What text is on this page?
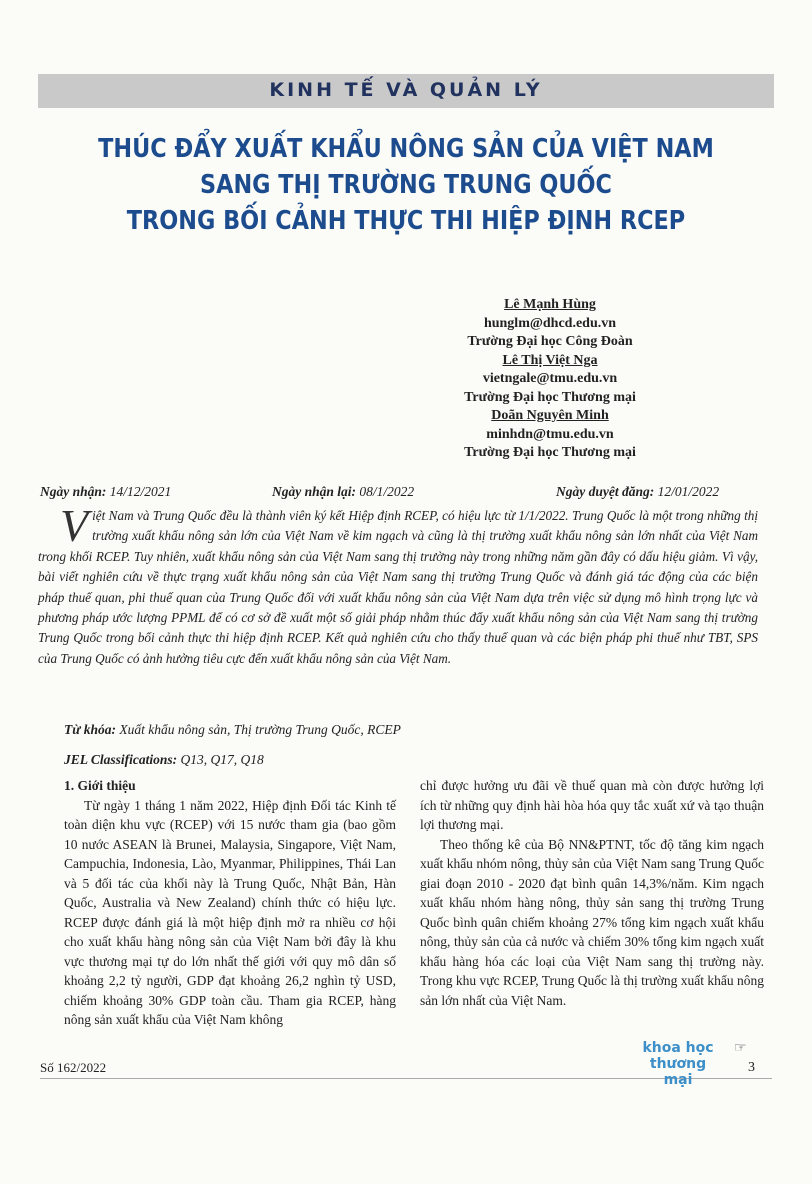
KINH TẾ VÀ QUẢN LÝ
THÚC ĐẨY XUẤT KHẨU NÔNG SẢN CỦA VIỆT NAM
SANG THỊ TRƯỜNG TRUNG QUỐC
TRONG BỐI CẢNH THỰC THI HIỆP ĐỊNH RCEP
Lê Mạnh Hùng
hunglm@dhcd.edu.vn
Trường Đại học Công Đoàn
Lê Thị Việt Nga
vietngale@tmu.edu.vn
Trường Đại học Thương mại
Doãn Nguyên Minh
minhdn@tmu.edu.vn
Trường Đại học Thương mại
Ngày nhận: 14/12/2021	Ngày nhận lại: 08/1/2022	Ngày duyệt đăng: 12/01/2022
Việt Nam và Trung Quốc đều là thành viên ký kết Hiệp định RCEP, có hiệu lực từ 1/1/2022. Trung Quốc là một trong những thị trường xuất khẩu nông sản lớn của Việt Nam về kim ngạch và cũng là thị trường xuất khẩu nông sản lớn nhất của Việt Nam trong khối RCEP. Tuy nhiên, xuất khẩu nông sản của Việt Nam sang thị trường này trong những năm gần đây có dấu hiệu giảm. Vì vậy, bài viết nghiên cứu về thực trạng xuất khẩu nông sản của Việt Nam sang thị trường Trung Quốc và đánh giá tác động của các biện pháp thuế quan, phi thuế quan của Trung Quốc đối với xuất khẩu nông sản của Việt Nam dựa trên việc sử dụng mô hình trọng lực và phương pháp ước lượng PPML để có cơ sở đề xuất một số giải pháp nhằm thúc đẩy xuất khẩu nông sản của Việt Nam sang thị trường Trung Quốc trong bối cảnh thực thi hiệp định RCEP. Kết quả nghiên cứu cho thấy thuế quan và các biện pháp phi thuế như TBT, SPS của Trung Quốc có ảnh hưởng tiêu cực đến xuất khẩu nông sản của Việt Nam.
Từ khóa: Xuất khẩu nông sản, Thị trường Trung Quốc, RCEP
JEL Classifications: Q13, Q17, Q18
1. Giới thiệu

Từ ngày 1 tháng 1 năm 2022, Hiệp định Đối tác Kinh tế toàn diện khu vực (RCEP) với 15 nước tham gia (bao gồm 10 nước ASEAN là Brunei, Malaysia, Singapore, Việt Nam, Campuchia, Indonesia, Lào, Myanmar, Philippines, Thái Lan và 5 đối tác của khối này là Trung Quốc, Nhật Bản, Hàn Quốc, Australia và New Zealand) chính thức có hiệu lực. RCEP được đánh giá là một hiệp định mở ra nhiều cơ hội cho xuất khẩu hàng nông sản của Việt Nam bởi đây là khu vực thương mại tự do lớn nhất thế giới với quy mô dân số khoảng 2,2 tỷ người, GDP đạt khoảng 26,2 nghìn tỷ USD, chiếm khoảng 30% GDP toàn cầu. Tham gia RCEP, hàng nông sản xuất khẩu của Việt Nam không

chỉ được hưởng ưu đãi về thuế quan mà còn được hưởng lợi ích từ những quy định hài hòa hóa quy tắc xuất xứ và tạo thuận lợi thương mại.

Theo thống kê của Bộ NN&PTNT, tốc độ tăng kim ngạch xuất khẩu nhóm nông, thủy sản của Việt Nam sang Trung Quốc giai đoạn 2010 - 2020 đạt bình quân 14,3%/năm. Kim ngạch xuất khẩu nhóm hàng nông, thủy sản sang thị trường Trung Quốc bình quân chiếm khoảng 27% tổng kim ngạch xuất khẩu nông, thủy sản của cả nước và chiếm 30% tổng kim ngạch xuất khẩu hàng hóa các loại của Việt Nam sang thị trường này. Trong khu vực RCEP, Trung Quốc là thị trường xuất khẩu nông sản lớn nhất của Việt Nam.

Số 162/2022
khoa học
thương mại
☞
3
